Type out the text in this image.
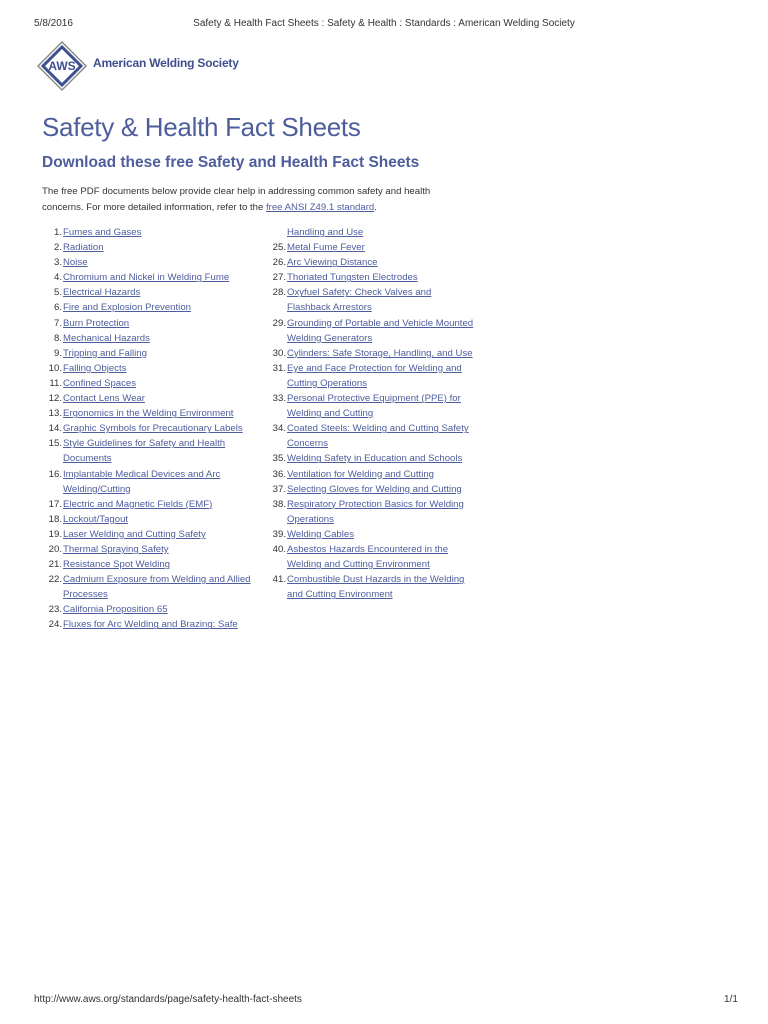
5/8/2016	Safety & Health Fact Sheets : Safety & Health : Standards : American Welding Society
AWS American Welding Society
Safety & Health Fact Sheets
Download these free Safety and Health Fact Sheets

The free PDF documents below provide clear help in addressing common safety and health concerns. For more detailed information, refer to the free ANSI Z49.1 standard.

1. Fumes and Gases
2. Radiation
3. Noise
4. Chromium and Nickel in Welding Fume
5. Electrical Hazards
6. Fire and Explosion Prevention
7. Burn Protection
8. Mechanical Hazards
9. Tripping and Falling
10. Falling Objects
11. Confined Spaces
12. Contact Lens Wear
13. Ergonomics in the Welding Environment
14. Graphic Symbols for Precautionary Labels
15. Style Guidelines for Safety and Health
Documents
16. Implantable Medical Devices and Arc
Welding/Cutting
17. Electric and Magnetic Fields (EMF)
18. Lockout/Tagout
19. Laser Welding and Cutting Safety
20. Thermal Spraying Safety
21. Resistance Spot Welding
22. Cadmium Exposure from Welding and Allied
Processes
23. California Proposition 65
24. Fluxes for Arc Welding and Brazing: Safe
Handling and Use
25. Metal Fume Fever
26. Arc Viewing Distance
27. Thoriated Tungsten Electrodes
28. Oxyfuel Safety: Check Valves and
Flashback Arrestors
29. Grounding of Portable and Vehicle Mounted
Welding Generators
30. Cylinders: Safe Storage, Handling, and Use
31. Eye and Face Protection for Welding and
Cutting Operations
33. Personal Protective Equipment (PPE) for
Welding and Cutting
34. Coated Steels: Welding and Cutting Safety
Concerns
35. Welding Safety in Education and Schools
36. Ventilation for Welding and Cutting
37. Selecting Gloves for Welding and Cutting
38. Respiratory Protection Basics for Welding
Operations
39. Welding Cables
40. Asbestos Hazards Encountered in the
Welding and Cutting Environment
41. Combustible Dust Hazards in the Welding
and Cutting Environment
http://www.aws.org/standards/page/safety-health-fact-sheets	1/1
